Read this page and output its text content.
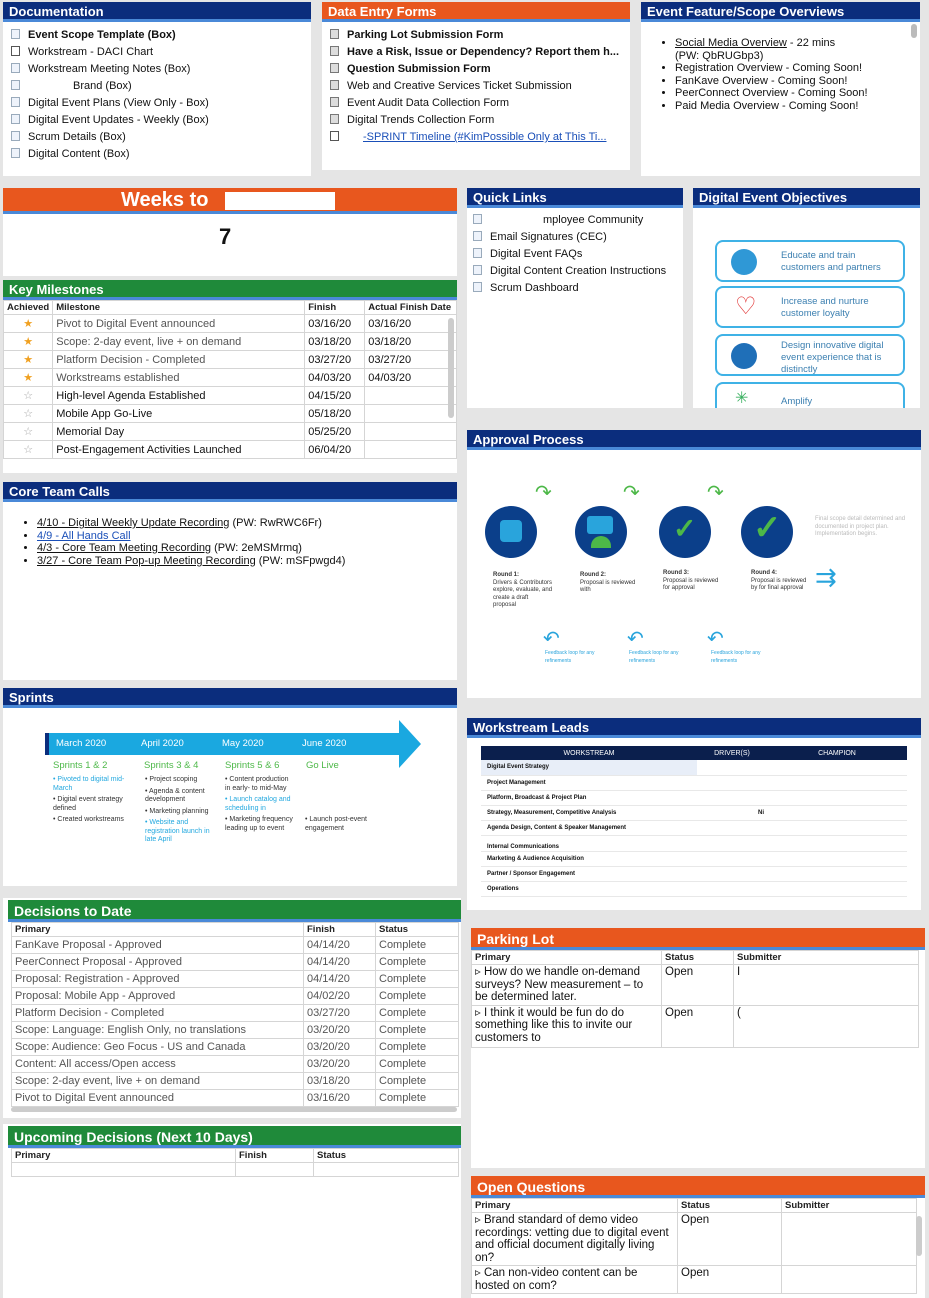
Documentation
Event Scope Template (Box)
Workstream - DACI Chart
Workstream Meeting Notes (Box)
Brand (Box)
Digital Event Plans (View Only - Box)
Digital Event Updates - Weekly (Box)
Scrum Details (Box)
Digital Content (Box)
Data Entry Forms
Parking Lot Submission Form
Have a Risk, Issue or Dependency? Report them h...
Question Submission Form
Web and Creative Services Ticket Submission
Event Audit Data Collection Form
Digital Trends Collection Form
-SPRINT Timeline (#KimPossible Only at This Ti...
Event Feature/Scope Overviews
• Social Media Overview - 22 mins
(PW: QbRUGbp3)
• Registration Overview - Coming Soon!
• FanKave Overview - Coming Soon!
• PeerConnect Overview - Coming Soon!
• Paid Media Overview - Coming Soon!
Weeks to
7
Key Milestones
Achieved	Milestone	Finish	Actual Finish Date
★	Pivot to Digital Event announced	03/16/20	03/16/20
★	Scope: 2-day event, live + on demand	03/18/20	03/18/20
★	Platform Decision - Completed	03/27/20	03/27/20
★	Workstreams established	04/03/20	04/03/20
☆	High-level Agenda Established	04/15/20	
☆	Mobile App Go-Live	05/18/20	
☆	Memorial Day	05/25/20	
☆	Post-Engagement Activities Launched	06/04/20	
Quick Links
mployee Community
Email Signatures (CEC)
Digital Event FAQs
Digital Content Creation Instructions
Scrum Dashboard
Digital Event Objectives
Educate and train customers and partners
♡	Increase and nurture customer loyalty
Design innovative digital event experience that is distinctly
✳	Amplify
Core Team Calls
• 4/10 - Digital Weekly Update Recording (PW: RwRWC6Fr)
• 4/9 - All Hands Call
• 4/3 - Core Team Meeting Recording (PW: 2eMSMrmq)
• 3/27 - Core Team Pop-up Meeting Recording (PW: mSFpwgd4)
Approval Process
↷	↷	↷
✓ ✓
Round 1:
Drivers & Contributors explore, evaluate, and create a draft proposal
Round 2:
Proposal is reviewed with
Round 3:
Proposal is reviewed for approval
Round 4:
Proposal is reviewed by for final approval
Final scope detail determined and documented in project plan. Implementation begins.
⇉
↶
Feedback loop for any refinements
↶
Feedback loop for any refinements
↶
Feedback loop for any refinements
Sprints
March 2020	April 2020	May 2020	June 2020
Sprints 1 & 2	Sprints 3 & 4	Sprints 5 & 6	Go Live
• Pivoted to digital mid-March
• Digital event strategy defined
• Created workstreams
• Project scoping
• Agenda & content development
• Marketing planning
• Website and registration launch in late April
• Content production in early- to mid-May
• Launch catalog and scheduling in
• Marketing frequency leading up to event
• Launch post-event engagement
Workstream Leads
WORKSTREAM	DRIVER(S)	CHAMPION
Digital Event Strategy		
Project Management		
Platform, Broadcast & Project Plan		
Strategy, Measurement, Competitive Analysis	Ni	
Agenda Design, Content & Speaker Management		
Internal Communications		
Marketing & Audience Acquisition		
Partner / Sponsor Engagement		
Operations		
Decisions to Date
Primary	Finish	Status
FanKave Proposal - Approved	04/14/20	Complete
PeerConnect Proposal - Approved	04/14/20	Complete
Proposal: Registration - Approved	04/14/20	Complete
Proposal: Mobile App - Approved	04/02/20	Complete
Platform Decision - Completed	03/27/20	Complete
Scope: Language: English Only, no translations	03/20/20	Complete
Scope: Audience: Geo Focus - US and Canada	03/20/20	Complete
Content: All access/Open access	03/20/20	Complete
Scope: 2-day event, live + on demand	03/18/20	Complete
Pivot to Digital Event announced	03/16/20	Complete
Upcoming Decisions (Next 10 Days)
Primary	Finish	Status

Parking Lot
Primary	Status	Submitter
▹ How do we handle on-demand surveys? New measurement – to be determined later.	Open	I
▹ I think it would be fun do do something like this to invite our customers to	Open	(
Open Questions
Primary	Status	Submitter
▹ Brand standard of demo video recordings: vetting due to digital event and official document digitally living on?	Open	
▹ Can non-video content can be hosted on com?	Open	
